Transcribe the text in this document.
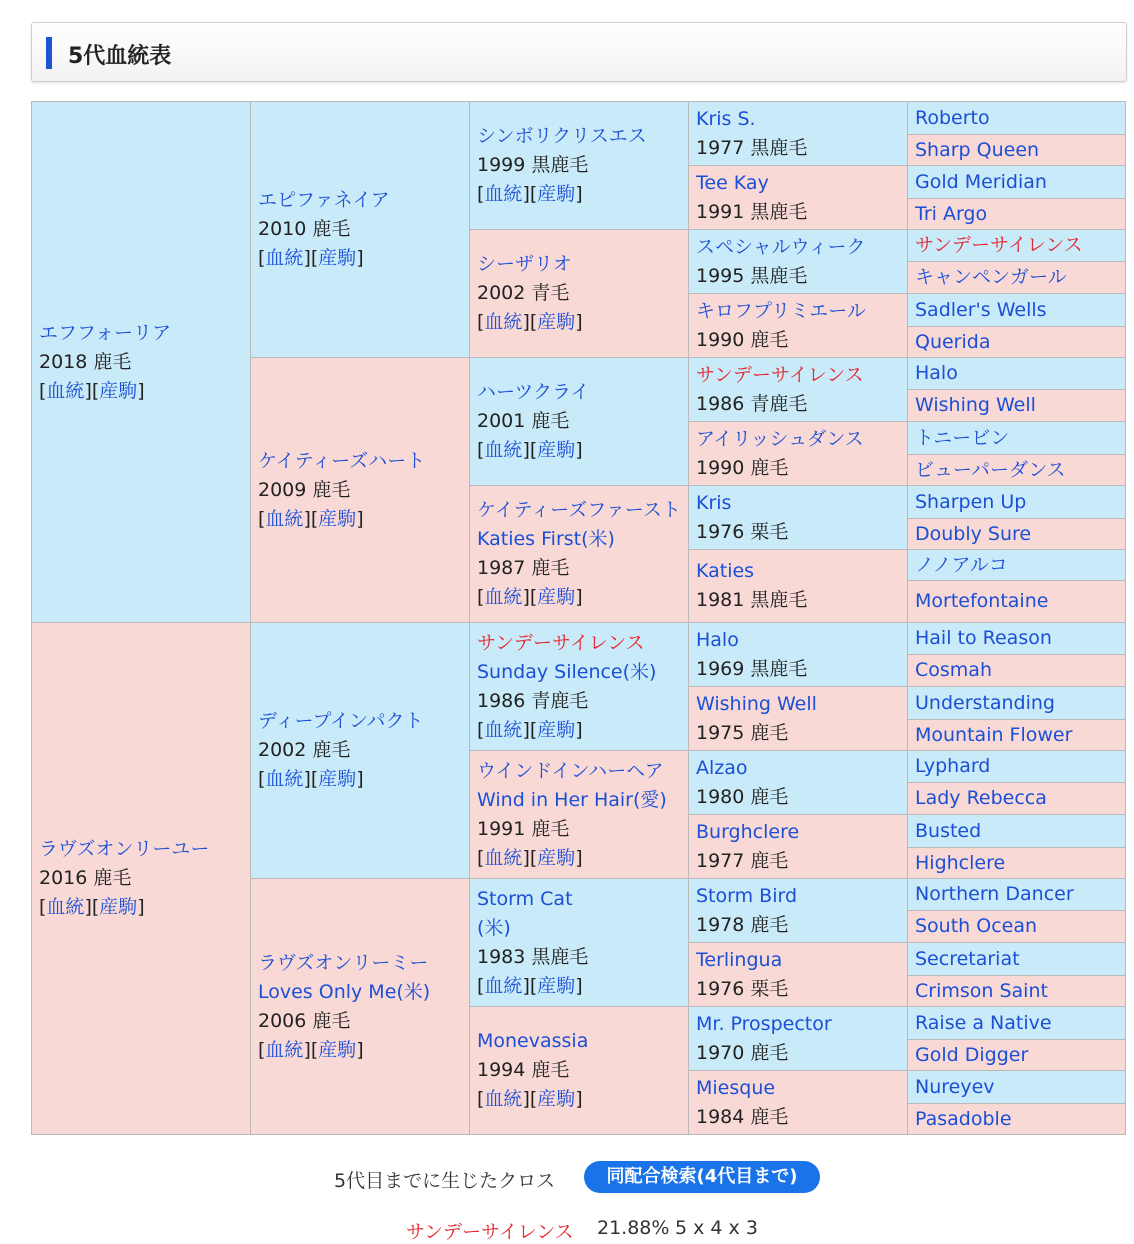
5代血統表
エフフォーリア
2018 鹿毛
[血統][産駒]	エピファネイア
2010 鹿毛
[血統][産駒]	シンボリクリスエス
1999 黒鹿毛
[血統][産駒]	Kris S.
1977 黒鹿毛	Roberto

				Sharp Queen

			Tee Kay
1991 黒鹿毛	Gold Meridian

				Tri Argo

		シーザリオ
2002 青毛
[血統][産駒]	スペシャルウィーク
1995 黒鹿毛	サンデーサイレンス

				キャンペンガール

			キロフプリミエール
1990 鹿毛	Sadler's Wells

				Querida

	ケイティーズハート
2009 鹿毛
[血統][産駒]	ハーツクライ
2001 鹿毛
[血統][産駒]	サンデーサイレンス
1986 青鹿毛	Halo

				Wishing Well

			アイリッシュダンス
1990 鹿毛	トニービン

				ビューパーダンス

		ケイティーズファースト
Katies First(米)
1987 鹿毛
[血統][産駒]	Kris
1976 栗毛	Sharpen Up

				Doubly Sure

			Katies
1981 黒鹿毛	ノノアルコ

				Mortefontaine

ラヴズオンリーユー
2016 鹿毛
[血統][産駒]	ディープインパクト
2002 鹿毛
[血統][産駒]	サンデーサイレンス
Sunday Silence(米)
1986 青鹿毛
[血統][産駒]	Halo
1969 黒鹿毛	Hail to Reason

				Cosmah

			Wishing Well
1975 鹿毛	Understanding

				Mountain Flower

		ウインドインハーヘア
Wind in Her Hair(愛)
1991 鹿毛
[血統][産駒]	Alzao
1980 鹿毛	Lyphard

				Lady Rebecca

			Burghclere
1977 鹿毛	Busted

				Highclere

	ラヴズオンリーミー
Loves Only Me(米)
2006 鹿毛
[血統][産駒]	Storm Cat
(米)
1983 黒鹿毛
[血統][産駒]	Storm Bird
1978 鹿毛	Northern Dancer

				South Ocean

			Terlingua
1976 栗毛	Secretariat

				Crimson Saint

		Monevassia
1994 鹿毛
[血統][産駒]	Mr. Prospector
1970 鹿毛	Raise a Native

				Gold Digger

			Miesque
1984 鹿毛	Nureyev

				Pasadoble
5代目までに生じたクロス	同配合検索(4代目まで)
サンデーサイレンス 21.88% 5 x 4 x 3
